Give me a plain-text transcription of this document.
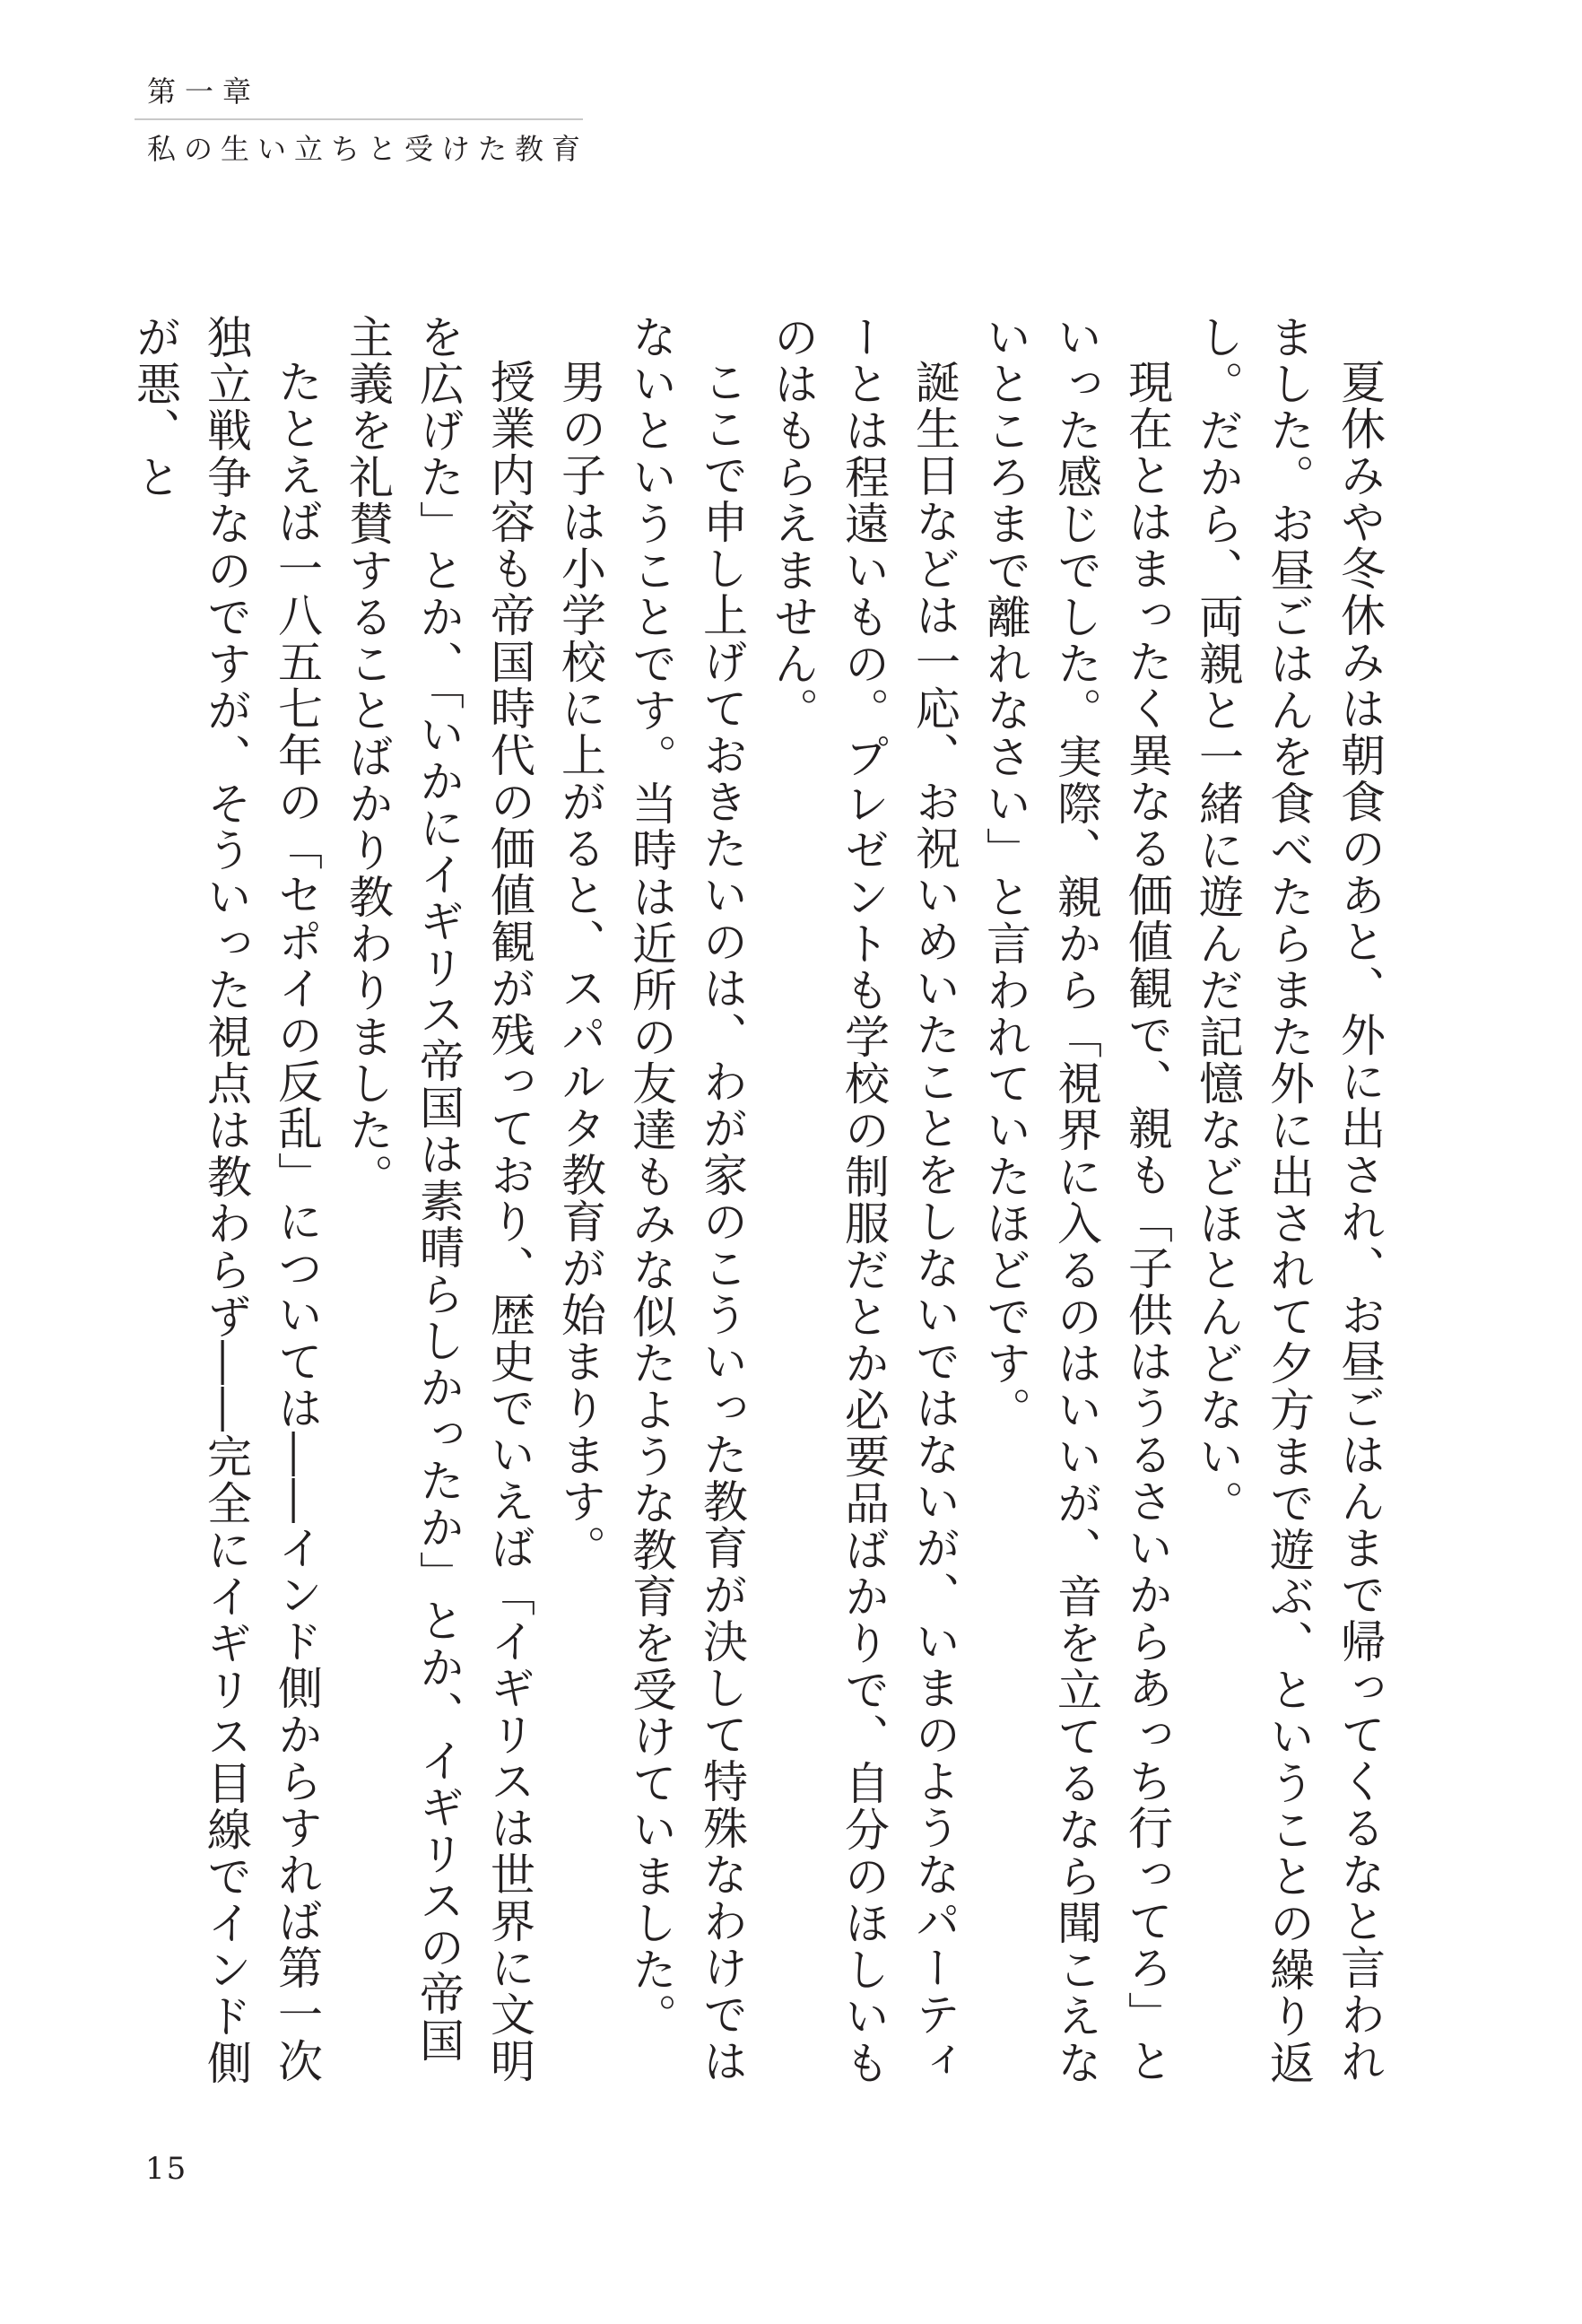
第一章
私の生い立ちと受けた教育

夏休みや冬休みは朝食のあと、外に出され、お昼ごはんまで帰ってくるなと言われました。お昼ごはんを食べたらまた外に出されて夕方まで遊ぶ、ということの繰り返し。だから、両親と一緒に遊んだ記憶などほとんどない。

現在とはまったく異なる価値観で、親も「子供はうるさいからあっち行ってろ」といった感じでした。実際、親から「視界に入るのはいいが、音を立てるなら聞こえないところまで離れなさい」と言われていたほどです。

誕生日などは一応、お祝いめいたことをしないではないが、いまのようなパーティーとは程遠いもの。プレゼントも学校の制服だとか必要品ばかりで、自分のほしいものはもらえません。

ここで申し上げておきたいのは、わが家のこういった教育が決して特殊なわけではないということです。当時は近所の友達もみな似たような教育を受けていました。

男の子は小学校に上がると、スパルタ教育が始まります。

授業内容も帝国時代の価値観が残っており、歴史でいえば「イギリスは世界に文明を広げた」とか、「いかにイギリス帝国は素晴らしかったか」とか、イギリスの帝国主義を礼賛することばかり教わりました。

たとえば一八五七年の「セポイの反乱」については――インド側からすれば第一次独立戦争なのですが、そういった視点は教わらず――完全にイギリス目線でインド側が悪、と

15
